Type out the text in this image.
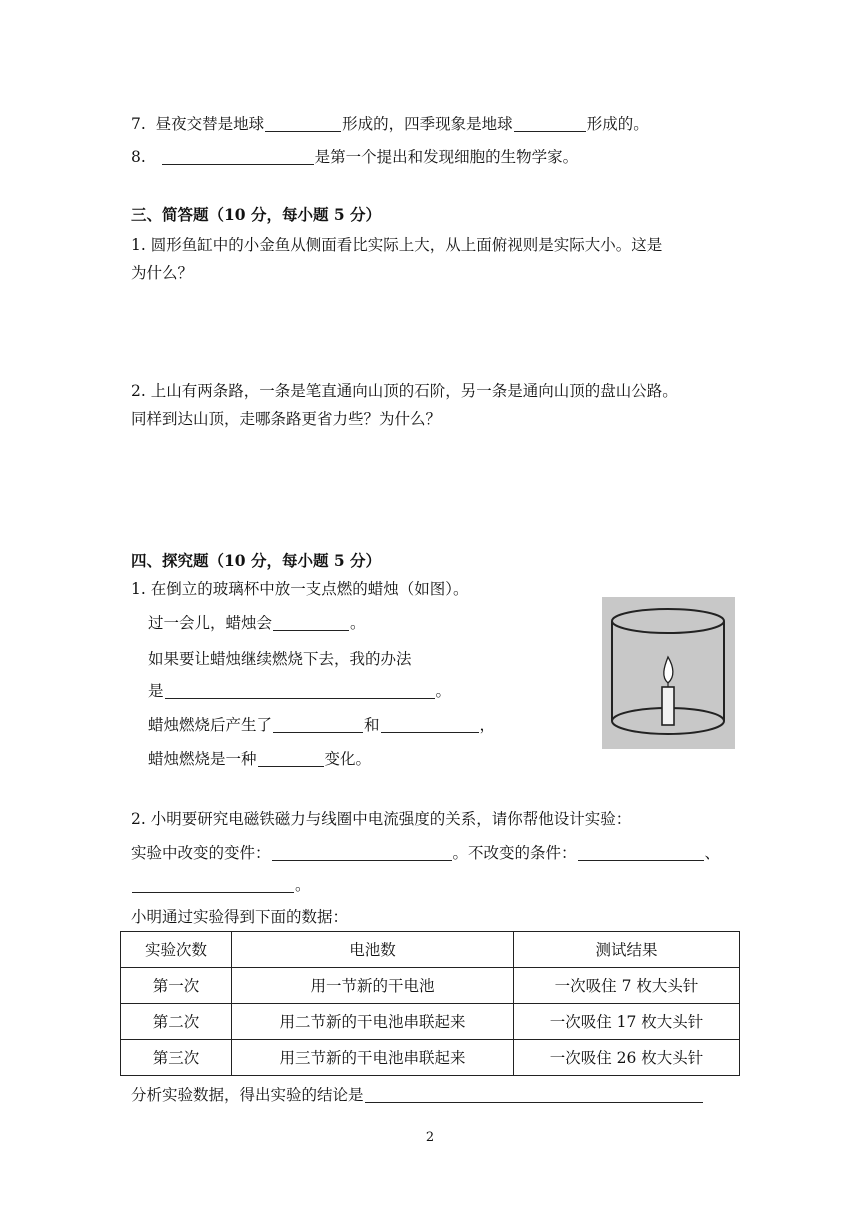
7. 昼夜交替是地球	形成的，四季现象是地球	形成的。
8.	是第一个提出和发现细胞的生物学家。
三、简答题（10 分，每小题 5 分）
1. 圆形鱼缸中的小金鱼从侧面看比实际上大，从上面俯视则是实际大小。这是
为什么？
2. 上山有两条路，一条是笔直通向山顶的石阶，另一条是通向山顶的盘山公路。
同样到达山顶，走哪条路更省力些？为什么？
四、探究题（10 分，每小题 5 分）
1. 在倒立的玻璃杯中放一支点燃的蜡烛（如图）。
过一会儿，蜡烛会	。
如果要让蜡烛继续燃烧下去，我的办法
是	。
蜡烛燃烧后产生了	和	，
蜡烛燃烧是一种	变化。
2. 小明要研究电磁铁磁力与线圈中电流强度的关系，请你帮他设计实验：
实验中改变的变件：	。不改变的条件：	、
。
小明通过实验得到下面的数据：
实验次数	电池数	测试结果
第一次	用一节新的干电池	一次吸住 7 枚大头针
第二次	用二节新的干电池串联起来	一次吸住 17 枚大头针
第三次	用三节新的干电池串联起来	一次吸住 26 枚大头针
分析实验数据，得出实验的结论是
2
